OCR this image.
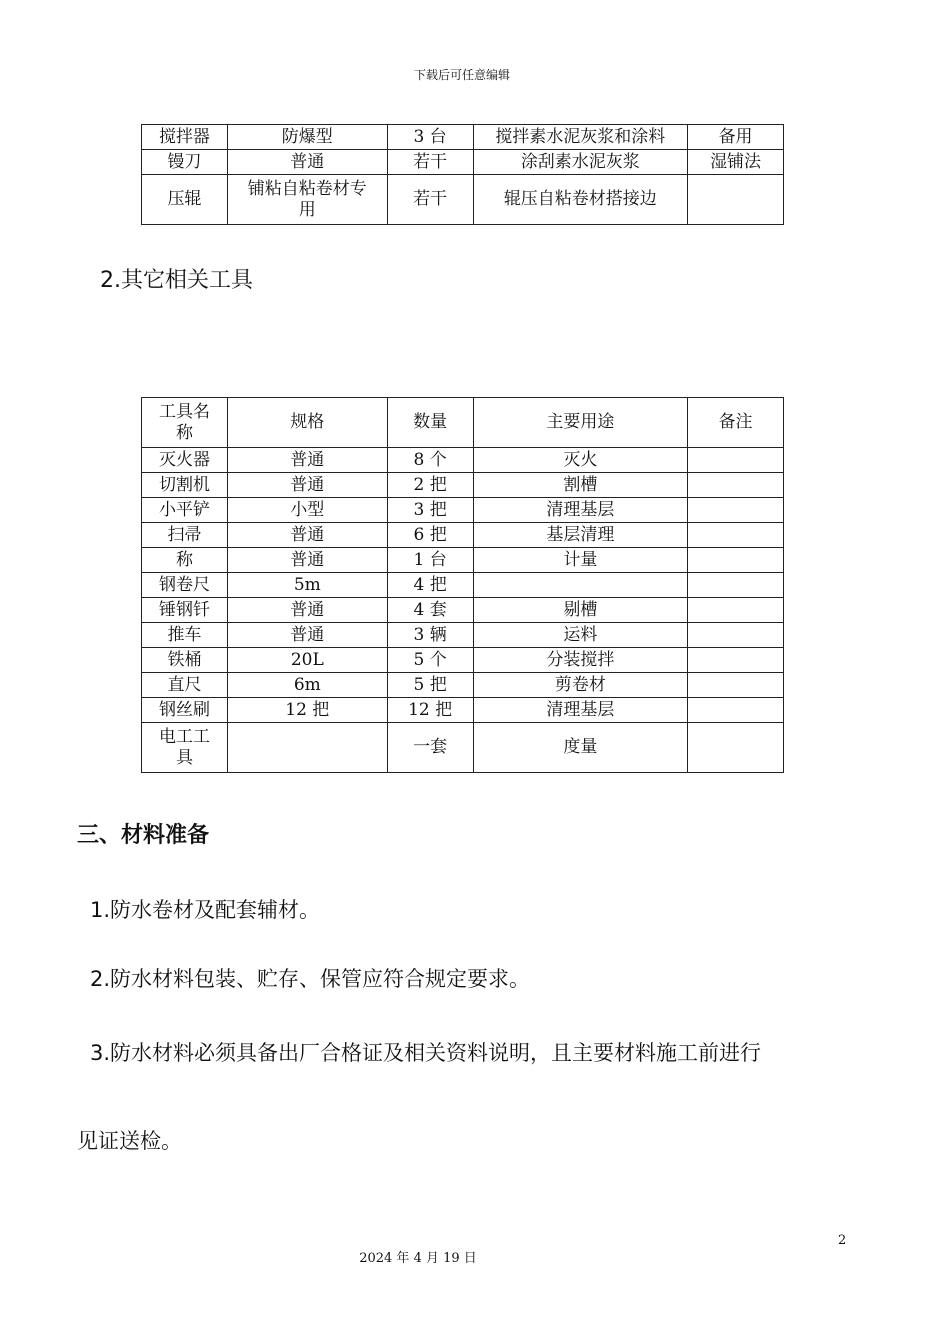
下载后可任意编辑
搅拌器	防爆型	3 台	搅拌素水泥灰浆和涂料	备用
镘刀	普通	若干	涂刮素水泥灰浆	湿铺法
压辊	铺粘自粘卷材专用	若干	辊压自粘卷材搭接边	
2.其它相关工具
工具名称	规格	数量	主要用途	备注
灭火器	普通	8 个	灭火	
切割机	普通	2 把	割槽	
小平铲	小型	3 把	清理基层	
扫帚	普通	6 把	基层清理	
称	普通	1 台	计量	
钢卷尺	5m	4 把		
锤钢钎	普通	4 套	剔槽	
推车	普通	3 辆	运料	
铁桶	20L	5 个	分装搅拌	
直尺	6m	5 把	剪卷材	
钢丝刷	12 把	12 把	清理基层	
电工工具		一套	度量	
三、材料准备
1.防水卷材及配套辅材。
2.防水材料包装、贮存、保管应符合规定要求。
3.防水材料必须具备出厂合格证及相关资料说明，且主要材料施工前进行
见证送检。
2
2024 年 4 月 19 日
